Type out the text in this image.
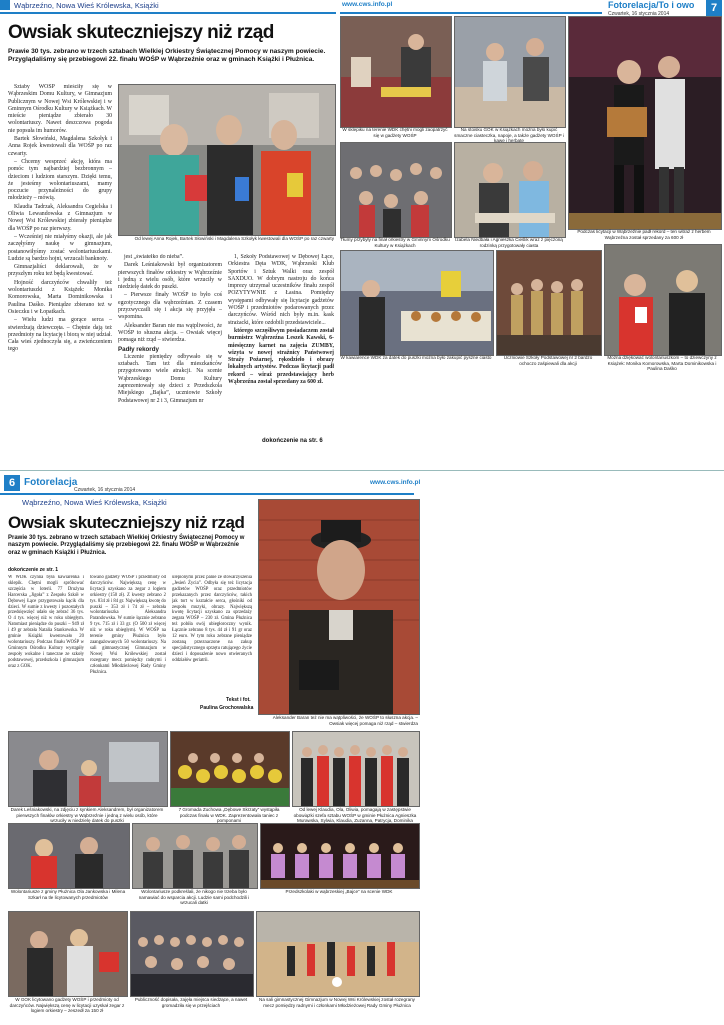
Wąbrzeźno, Nowa Wieś Królewska, Książki	www.cws.info.pl	Fotorelacja/To i owo
Czwartek, 16 stycznia 2014	7
Owsiak skuteczniejszy niż rząd
Prawie 30 tys. zebrano w trzech sztabach Wielkiej Orkiestry Świątecznej Pomocy w naszym powiecie. Przyglądaliśmy się przebiegowi 22. finału WOŚP w Wąbrzeźnie oraz w gminach Książki i Płużnica.

Sztaby WOŚP mieściły się w Wąbrzeskim Domu Kultury, w Gimnazjum Publicznym w Nowej Wsi Królewskiej i w Gminnym Ośrodku Kultury w Książkach. W mieście pieniądze zbierało 30 wolontariuszy. Nawet deszczowa pogoda nie popsuła im humorów.

Bartek Słowiński, Magdalena Szkołyk i Anna Rojek kwestowali dla WOŚP po raz czwarty.

– Chcemy wesprzeć akcję, która ma pomóc tym najbardziej bezbronnym – dzieciom i ludziom starszym. Dzięki temu, że jesteśmy wolontariuszami, mamy poczucie przynależności do grupy młodzieży – mówią.

Klaudia Tadrzak, Aleksandra Cegielska i Oliwia Lewandowska z Gimnazjum w Nowej Wsi Królewskiej zbierały pieniądze dla WOŚP po raz pierwszy.

– Wcześniej nie miałyśmy okazji, ale jak zaczęłyśmy naukę w gimnazjum, postanowiłyśmy zostać wolontariuszkami. Ludzie są bardzo hojni, wrzucali banknoty.

Gimnazjaliści deklarowali, że w przyszłym roku też będą kwestować.

Hojność darczyńców chwaliły też wolontariuszki z Książek: Monika Komorowska, Marta Dominikowska i Paulina Daśko. Pieniądze zbierano też w Osieczku i w Łopatkach.

– Wielu ludzi ma gorące serca – stwierdzają dziewczęta. – Chętnie dają też przedmioty na licytację i biorą w niej udział. Cała wieś zjednoczyła się, a zwieńczeniem tego

Od lewej Anna Rojek, Bartek Słowiński i Magdalena Szkołyk kwestowali dla WOŚP po raz czwarty

jest „światełko do nieba”.

Darek Leśniakowski był organizatorem pierwszych finałów orkiestry w Wąbrzeźnie i jedną z wielu osób, które wrzuciły w niedzielę datek do puszki.

– Pierwsze finały WOŚP to było coś egzotycznego dla wąbrzeźnian. Z czasem przyzwyczaili się i akcja się przyjęła – wspomina.

Aleksander Baran nie ma wątpliwości, że WOŚP to słuszna akcja. – Owsiak więcej pomaga niż rząd – stwierdza.

Padły rekordy

Liczenie pieniędzy odbywało się w sztabach. Tam też dla mieszkańców przygotowano wiele atrakcji. Na scenie Wąbrzeskiego Domu Kultury zaprezentowały się dzieci z Przedszkola Miejskiego „Bajka”, uczniowie Szkoły Podstawowej nr 2 i 3, Gimnazjum nr

1, Szkoły Podstawowej w Dębowej Łące, Orkiestra Dęta WDK, Wąbrzeski Klub Sportów i Sztuk Walki oraz zespół SAXDUO. W dobrym nastroju do końca imprezy utrzymał uczestników finału zespół POZYTYWNIE z Łasina. Pomiędzy występami odbywały się licytacje gadżetów WOŚP i przedmiotów podarowanych przez darczyńców. Wśród nich były m.in. kask strażacki, które ozdobili przedstawiciele...

którego szczęśliwym posiadaczem został burmistrz Wąbrzeźna Leszek Kawski, 6-miesięczny karnet na zajęcia ZUMBY, wizyta w nowej strażnicy Państwowej Straży Pożarnej, rękodzieło i obrazy lokalnych artystów. Podczas licytacji padł rekord – wiraż przedstawiający herb Wąbrzeźna został sprzedany za 600 zł.

dokończenie na str. 6
W sklepiku na terenie WDK chętni mogli zaopatrzyć się w gadżety WOŚP
Na stoisku GOK w Książkach można było kupić smaczne ciasteczka, napoje, a także gadżety WOŚP i kawę i herbatę
Tłumy przybyły na finał orkiestry w Gminnym Ośrodku Kultury w Książkach
Izabela Niedbała i Agnieszka Cieślik wraz z pięczoną rodzinką przygotowały ciasta
Podczas licytacji w Wąbrzeźnie padł rekord – ten witraż z herbem Wąbrzeźna został sprzedany za 600 zł
W kawiarence WDK za datek do puszki można było zakupić pyszne ciasto	Uczniowie Szkoły Podstawowej nr 2 bardzo ochoczo zaśpiewali dla akcji
Można dziękować wolontariuszkom – to dziewczyny z Książek: Monika Komorowska, Marta Dominikowska i Paulina Daśko
6 Fotorelacja
Czwartek, 16 stycznia 2014
www.cws.info.pl
Wąbrzeźno, Nowa Wieś Królewska, Książki
Owsiak skuteczniejszy niż rząd
Prawie 30 tys. zebrano w trzech sztabach Wielkiej Orkiestry Świątecznej Pomocy w naszym powiecie. Przyglądaliśmy się przebiegowi 22. finału WOŚP w Wąbrzeźnie oraz w gminach Książki i Płużnica.
dokończenie ze str. 1
W WDK czynna była kawiarenka i sklepik. Chętni mogli spróbować szczęścia w loterii. 77 Drużyna Harcerska „Jigoła” z Zespołu Szkół w Dębowej Łące przygotowała kącik dla dzieci. W sumie z kwesty i pozostałych przedsięwzięć udało się zebrać 36 tys. O 4 tys. więcej niż w roku ubiegłym. Natomiast pieniądze do puszki – 949 zł i 49 gr zebrała Natalia Stankowska. W gminie Książki kwestowało 20 wolontariuszy. Podczas finału WOŚP w Gminnym Ośrodku Kultury wystąpiły zespoły wokalne i taneczne ze szkoły podstawowej, przedszkola i gimnazjum oraz z GOK.
towano gadżety WOŚP i przedmioty od darczyńców. Największą cenę w licytacji uzyskano za zegar z logiem orkiestry (150 zł). Z kwesty zebrano 2 tys. 834 zł i 84 gr. Największą kwotę do puszki – 353 zł i 74 zł – zebrała wolontariuszka Aleksandra Parandowska. W sumie łącznie zebrano 9 tys. 715 zł i 33 gr. (O 500 zł więcej niż w roku ubiegłym). W WOŚP na terenie gminy Płużnica było zaangażowanych 50 wolontariuszy. Na sali gimnastycznej Gimnazjum w Nowej Wsi Królewskiej został rozegrany mecz pomiędzy radnymi i członkami Młodzieżowej Rady Gminy Płużnica.
ulepionymi przez panie ze stowarzyszenia „Jesień Życia”. Odbyła się też licytacja gadżetów WOŚP oraz przedmiotów przekazanych przez darczyńców, takich jak tort w kształcie serca, głośniki od zespołu muzyki, obrazy. Największą kwotę licytacji uzyskano za sprzedaży zegara WOŚP – 230 zł. Gmina Płużnica też pobiła swój ubiegłoroczny wynik. Łącznie zebrano 8 tys. 44 zł i 91 gr oraz 12 euro. W tym roku zebrane pieniądze zostaną przeznaczone na zakup specjalistycznego sprzętu ratującego życie dzieci i doposażenie nowo otwieranych oddziałów geriatrii.
Tekst i fot.
Paulina Grochowalska
Aleksander Baran też nie ma wątpliwości, że WOŚP to słuszna akcja. – Owsiak więcej pomaga niż rząd – stwierdza
Darek Leśniakowski, na zdjęciu z synkiem Aleksandrem, był organizatorem pierwszych finałów orkiestry w Wąbrzeźnie i jedną z wielu osób, które wrzuciły w niedzielę datek do puszki
7 Gromada Zuchowa „Dębowe Skrzaty” wystąpiła podczas finału w WDK. Zaprezentowała taniec z pomponami
Od lewej Klaudia, Ola, Oliwia, pomagają w zastępstwie obowiązki szefa sztabu WOŚP w gminie Płużnica Agnieszka Murawska, Sylwia, Klaudia, Zuzanna, Patrycja, Dominika
Wolontariusze z gminy Płużnica Ola Jankowska i Milena Szkarł na tle licytowanych przedmiotów
Wolontariusze podkreślali, że nikogo nie trzeba było namawiać do wsparcia akcji. Ludzie sami podchodzili i wrzucali datki
Przedszkolaki w wąbrzeskiej „Bajce” na scenie WDK
W GOK licytowano gadżety WOŚP i przedmioty od darczyńców. Największą cenę w licytacji uzyskał zegar z logiem orkiestry – zeszedł za 150 zł
Publiczność dopisała, zajęła miejsca siedzące, a nawet gromadziła się w przejściach
Na sali gimnastycznej Gimnazjum w Nowej Wsi Królewskiej został rozegrany mecz pomiędzy radnymi i członkami Młodzieżowej Rady Gminy Płużnica
